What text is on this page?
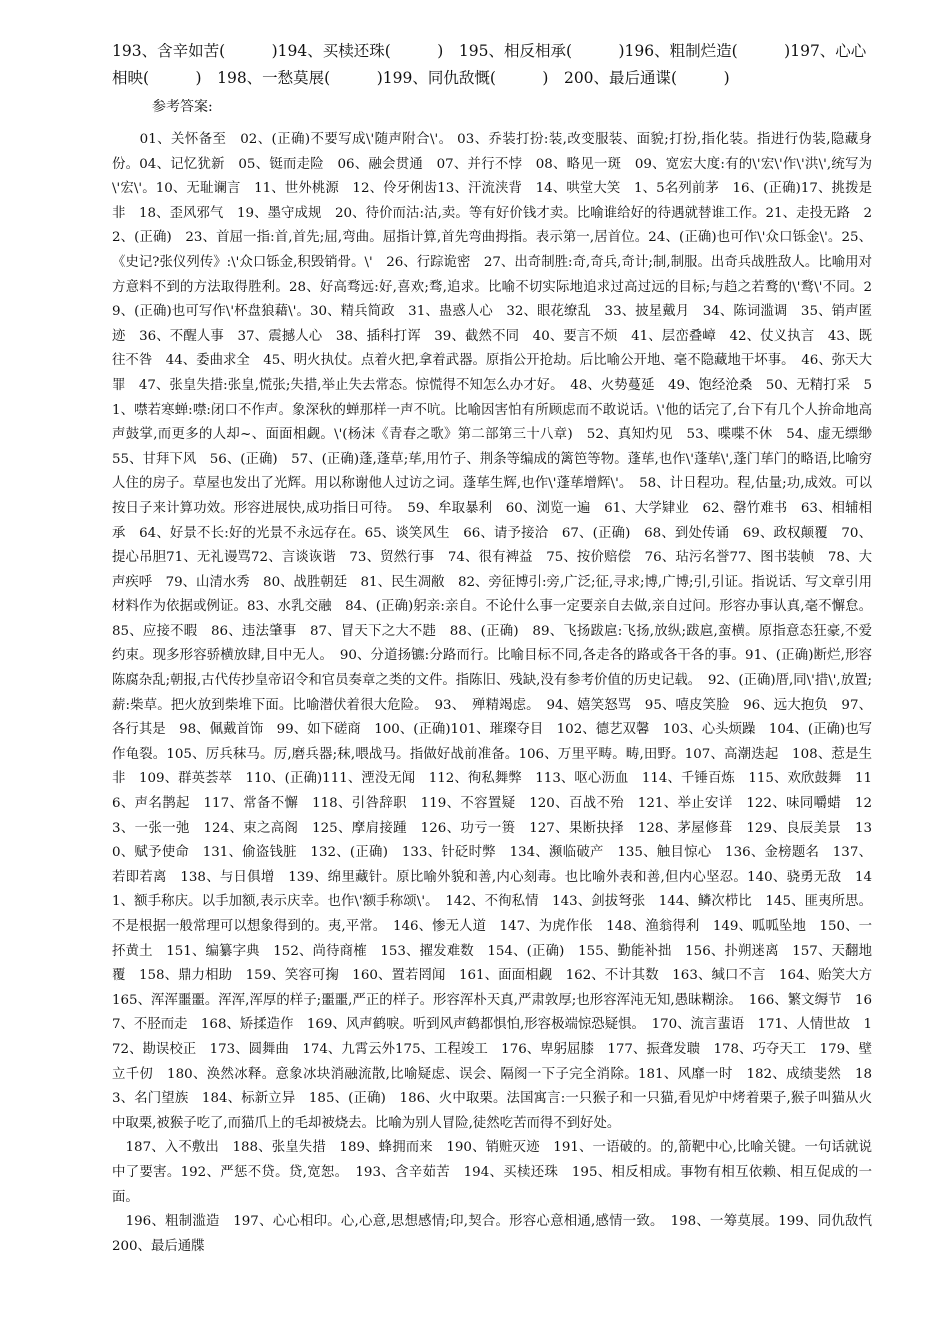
193、含辛如苦(　　　)194、买椟还珠(　　　)　195、相反相承(　　　)196、粗制烂造(　　　)197、心心相映(　　　)　198、一愁莫展(　　　)199、同仇敌慨(　　　)　200、最后通谍(　　　)

参考答案:

　　01、关怀备至　02、(正确)不要写成\'随声附合\'。 03、乔装打扮:装,改变服装、面貌;打扮,指化装。指进行伪装,隐藏身份。04、记忆犹新　05、铤而走险　06、融会贯通　07、并行不悖　08、略见一斑　09、宽宏大度:有的\'宏\'作\'洪\',统写为\'宏\'。10、无耻谰言　11、世外桃源　12、伶牙俐齿13、汗流浃背　14、哄堂大笑　1、5名列前茅　16、(正确)17、挑拨是非　18、歪风邪气　19、墨守成规　20、待价而沽:沽,卖。等有好价钱才卖。比喻谁给好的待遇就替谁工作。21、走投无路　22、(正确)　23、首屈一指:首,首先;屈,弯曲。屈指计算,首先弯曲拇指。表示第一,居首位。24、(正确)也可作\'众口铄金\'。25、《史记?张仪列传》:\'众口铄金,积毁销骨。\'　26、行踪诡密　27、出奇制胜:奇,奇兵,奇计;制,制服。出奇兵战胜敌人。比喻用对方意料不到的方法取得胜利。28、好高骛远:好,喜欢;骛,追求。比喻不切实际地追求过高过远的目标;与趋之若鹜的\'鹜\'不同。29、(正确)也可写作\'杯盘狼藉\'。30、精兵简政　31、蛊惑人心　32、眼花缭乱　33、披星戴月　34、陈词滥调　35、销声匿迹　36、不醒人事　37、震撼人心　38、插科打诨　39、截然不同　40、要言不烦　41、层峦叠嶂　42、仗义执言　43、既往不咎　44、委曲求全　45、明火执仗。点着火把,拿着武器。原指公开抢劫。后比喻公开地、毫不隐藏地干坏事。　46、弥天大罪　47、张皇失措:张皇,慌张;失措,举止失去常态。惊慌得不知怎么办才好。　48、火势蔓延　49、饱经沧桑　50、无精打采　51、噤若寒蝉:噤:闭口不作声。象深秋的蝉那样一声不吭。比喻因害怕有所顾虑而不敢说话。\'他的话完了,台下有几个人拚命地高声鼓掌,而更多的人却~、面面相觑。\'(杨沫《青春之歌》第二部第三十八章)　52、真知灼见　53、喋喋不休　54、虚无缥缈　55、甘拜下风　56、(正确)　57、(正确)蓬,蓬草;荜,用竹子、荆条等编成的篱笆等物。蓬荜,也作\'蓬荜\',蓬门荜门的略语,比喻穷人住的房子。草屋也发出了光辉。用以称谢他人过访之词。蓬荜生辉,也作\'蓬荜增辉\'。　58、计日程功。程,估量;功,成效。可以按日子来计算功效。形容进展快,成功指日可待。　59、牟取暴利　60、浏览一遍　61、大学肄业　62、罄竹难书　63、相辅相承　64、好景不长:好的光景不永远存在。65、谈笑风生　66、请予接洽　67、(正确)　68、到处传诵　69、政权颠覆　70、提心吊胆71、无礼谩骂72、言谈诙谐　73、贸然行事　74、很有裨益　75、按价赔偿　76、玷污名誉77、图书装帧　78、大声疾呼　79、山清水秀　80、战胜朝廷　81、民生凋敝　82、旁征博引:旁,广泛;征,寻求;博,广博;引,引证。指说话、写文章引用材料作为依据或例证。83、水乳交融　84、(正确)躬亲:亲自。不论什么事一定要亲自去做,亲自过问。形容办事认真,毫不懈怠。85、应接不暇　86、违法肇事　87、冒天下之大不韪　88、(正确)　89、飞扬跋扈:飞扬,放纵;跋扈,蛮横。原指意态狂豪,不爱约束。现多形容骄横放肆,目中无人。　90、分道扬镳:分路而行。比喻目标不同,各走各的路或各干各的事。91、(正确)断烂,形容陈腐杂乱;朝报,古代传抄皇帝诏令和官员奏章之类的文件。指陈旧、残缺,没有参考价值的历史记载。　92、(正确)厝,同\'措\',放置;薪:柴草。把火放到柴堆下面。比喻潜伏着很大危险。　93、　殚精竭虑。　94、嬉笑怒骂　95、嘻皮笑脸　96、远大抱负　97、各行其是　98、佩戴首饰　99、如下磋商　100、(正确)101、璀璨夺目　102、德艺双馨　103、心头烦躁　104、(正确)也写作龟裂。105、厉兵秣马。厉,磨兵器;秣,喂战马。指做好战前准备。106、万里平畴。畴,田野。107、高潮迭起　108、惹是生非　109、群英荟萃　110、(正确)111、湮没无闻　112、徇私舞弊　113、呕心沥血　114、千锤百炼　115、欢欣鼓舞　116、声名鹊起　117、常备不懈　118、引咎辞职　119、不容置疑　120、百战不殆　121、举止安详　122、味同嚼蜡　123、一张一弛　124、束之高阁　125、摩肩接踵　126、功亏一篑　127、果断抉择　128、茅屋修葺　129、良辰美景　130、赋予使命　131、偷盗钱脏　132、(正确)　133、针砭时弊　134、濒临破产　135、触目惊心　136、金榜题名　137、若即若离　138、与日俱增　139、绵里藏针。原比喻外貌和善,内心刻毒。也比喻外表和善,但内心坚忍。140、骁勇无敌　141、额手称庆。以手加额,表示庆幸。也作\'额手称颂\'。　142、不徇私情　143、剑拔弩张　144、鳞次栉比　145、匪夷所思。不是根据一般常理可以想象得到的。夷,平常。　146、惨无人道　147、为虎作伥　148、渔翁得利　149、呱呱坠地　150、一抔黄土　151、编纂字典　152、尚待商榷　153、擢发难数　154、(正确)　155、勤能补拙　156、扑朔迷离　157、天翻地覆　158、鼎力相助　159、笑容可掬　160、置若罔闻　161、面面相觑　162、不计其数　163、缄口不言　164、贻笑大方　165、浑浑噩噩。浑浑,浑厚的样子;噩噩,严正的样子。形容浑朴天真,严肃敦厚;也形容浑沌无知,愚昧糊涂。　166、繁文缛节　167、不胫而走　168、矫揉造作　169、风声鹤唳。听到风声鹤都惧怕,形容极端惊恐疑惧。　170、流言蜚语　171、人情世故　172、勘误校正　173、圆舞曲　174、九霄云外175、工程竣工　176、卑躬屈膝　177、振聋发聩　178、巧夺天工　179、壁立千仞　180、涣然冰释。意象冰块消融流散,比喻疑虑、误会、隔阂一下子完全消除。181、风靡一时　182、成绩斐然　183、名门望族　184、标新立异　185、(正确)　186、火中取栗。法国寓言:一只猴子和一只猫,看见炉中烤着栗子,猴子叫猫从火中取栗,被猴子吃了,而猫爪上的毛却被烧去。比喻为别人冒险,徒然吃苦而得不到好处。

　187、入不敷出　188、张皇失措　189、蜂拥而来　190、销赃灭迹　191、一语破的。的,箭靶中心,比喻关键。一句话就说中了要害。192、严惩不贷。贷,宽恕。　193、含辛茹苦　194、买椟还珠　195、相反相成。事物有相互依赖、相互促成的一面。

　196、粗制滥造　197、心心相印。心,心意,思想感情;印,契合。形容心意相通,感情一致。　198、一筹莫展。199、同仇敌忾　200、最后通牒
